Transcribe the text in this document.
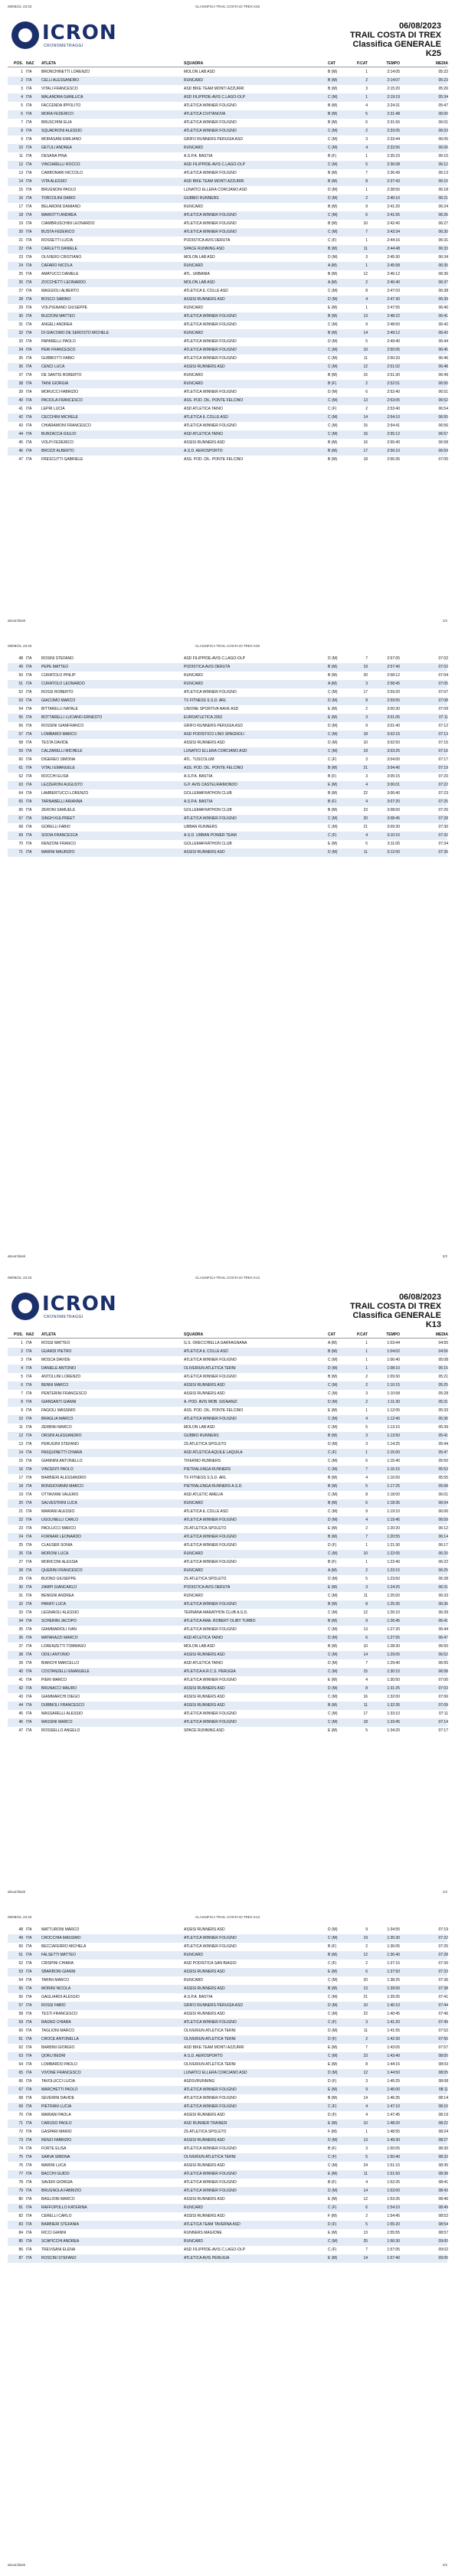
08/08/23, 23:33	CLASSIFICA TRAIL COSTA DI TREX K25
ICRON
CRONOMETRAGGI
06/08/2023
TRAIL COSTA DI TREX
Classifica GENERALE
K25
POS. NAZ	ATLETA	SQUADRA	CAT	P.CAT	TEMPO	MEDIA
1 ITA	BRONCHINETTI LORENZO	MOLON LAB ASD	B (M)	1	2:14:05	05:22
2 ITA	CELLI ALESSANDRO	RUNCARD	B (M)	2	2:14:07	05:23
3 ITA	VITALI FRANCESCO	ASD BIKE TEAM MONTI AZZURRI	B (M)	3	2:15:20	05:26
4 ITA	MALANDRA GIANLUCA	ASD FILIPPIDE-AVIS C.LAGO-OLP	C (M)	1	2:19:19	05:34
5 ITA	FACCENDA IPPOLITO	ATLETICA WINNER FOLIGNO	B (M)	4	2:24:31	05:47
6 ITA	MORA FEDERICO	ATLETICA CIVITANOVA	B (M)	5	2:31:48	06:00
7 ITA	BRUSCHINI ELIA	ATLETICA WINNER FOLIGNO	B (M)	6	2:31:56	06:01
8 ITA	SQUADRONI ALESSIO	ATLETICA WINNER FOLIGNO	C (M)	2	2:33:05	06:03
9 ITA	MORASANI EMILIANO	GRIFO RUNNERS PERUGIA ASD	C (M)	3	2:33:44	06:05
10 ITA	GETULI ANDREA	RUNCARD	C (M)	4	2:33:56	06:06
11 ITA	DESANA PINA	A.S.P.A. BASTIA	B (F)	1	2:35:23	06:10
12 ITA	VINCIARELLI ROCCO	ASD FILIPPIDE-AVIS C.LAGO-OLP	C (M)	5	2:36:08	06:12
13 ITA	CARBONARI NICCOLO	ATLETICA WINNER FOLIGNO	B (M)	7	2:36:49	06:13
14 ITA	VITA ALESSIO	ASD BIKE TEAM MONTI AZZURRI	B (M)	8	2:37:43	06:15
15 ITA	BRUGNONI PAOLO	LUNATICI ELLERA CORCIANO ASD	D (M)	1	2:38:56	06:18
16 ITA	TORCOLINI DARIO	GUBBIO RUNNERS	D (M)	2	2:40:10	06:21
17 ITA	BELARDINI DAMIANO	RUNCARD	B (M)	9	2:41:20	06:24
18 ITA	MARIOTTI ANDREA	ATLETICA WINNER FOLIGNO	C (M)	6	2:41:55	06:26
19 ITA	CIAMBRUSCHINI LEONARDO	ATLETICA WINNER FOLIGNO	B (M)	10	2:42:40	06:27
20 ITA	BUSTA FEDERICO	ATLETICA WINNER FOLIGNO	C (M)	7	2:43:34	06:30
21 ITA	ROSSETTI LUCIA	PODISTICA AVIS DERUTA	C (F)	1	2:44:16	06:31
22 ITA	CARLETTI DANIELE	SPACE RUNNING ASD	B (M)	11	2:44:48	06:33
23 ITA	OLIVIERO CRISTIANO	MOLON LAB ASD	D (M)	3	2:45:30	06:34
24 ITA	CAFARO NICOLA	RUNCARD	A (M)	1	2:45:58	06:35
25 ITA	AMATUCCI DANIELE	ATL. URBANIA	B (M)	12	2:46:12	06:36
26 ITA	ZOCCHETTI LEONARDO	MOLON LAB ASD	A (M)	2	2:46:40	06:37
27 ITA	MAGGIOLI ALBERTO	ATLETICA IL COLLE ASD	C (M)	8	2:47:03	06:38
28 ITA	BOSCO SABINO	ASSISI RUNNERS ASD	D (M)	4	2:47:30	06:39
29 ITA	VOLPIGNANO GIUSEPPE	RUNCARD	E (M)	1	2:47:55	06:40
30 ITA	BUZZONI MATTEO	ATLETICA WINNER FOLIGNO	B (M)	13	2:48:22	06:41
31 ITA	ANGELI ANDREA	ATLETICA WINNER FOLIGNO	C (M)	9	2:48:50	06:42
32 ITA	DI GIACOMO DE SEROSTO MICHELE	RUNCARD	B (M)	14	2:49:12	06:43
33 ITA	PAPARELLI PAOLO	ATLETICA WINNER FOLIGNO	D (M)	5	2:49:40	06:44
34 ITA	PERI FRANCESCO	ATLETICA WINNER FOLIGNO	C (M)	10	2:50:05	06:45
35 ITA	GUBBIOTTI FABIO	ATLETICA WINNER FOLIGNO	C (M)	11	2:50:33	06:46
36 ITA	CENCI LUCA	ASSISI RUNNERS ASD	C (M)	12	2:51:02	06:48
37 ITA	DE SANTIS ROBERTO	RUNCARD	B (M)	15	2:51:30	06:49
38 ITA	TAINI GIORGIA	RUNCARD	B (F)	2	2:52:01	06:50
39 ITA	MORUCCI FABRIZIO	ATLETICA WINNER FOLIGNO	D (M)	6	2:52:40	06:51
40 ITA	PACIOLA FRANCESCO	ASS. POD. DIL. PONTE FELCINO	C (M)	13	2:53:05	06:52
41 ITA	LEPRI LUCIA	ASD ATLETICA TAINO	C (F)	2	2:53:40	06:54
42 ITA	CECCHINI MICHELE	ATLETICA IL COLLE ASD	C (M)	14	2:54:10	06:55
43 ITA	CHIARAMONI FRANCESCO	ATLETICA WINNER FOLIGNO	C (M)	15	2:54:41	06:56
44 ITA	BURZACCA GIULIO	ASD ATLETICA TAINO	C (M)	16	2:55:12	06:57
45 ITA	VOLPI FEDERICO	ASSISI RUNNERS ASD	B (M)	16	2:55:40	06:58
46 ITA	BROZZI ALBERTO	A.S.D. AEROSPORTO	B (M)	17	2:56:10	06:59
47 ITA	FRESCUTTI GABRIELE	ASS. POD. DIL. PONTE FELCINO	B (M)	18	2:56:35	07:00
about:blank	1/2
08/08/23, 23:33	CLASSIFICA TRAIL COSTA DI TREX K25
48 ITA	ROSINI STEFANO	ASD FILIPPIDE-AVIS C.LAGO-OLP	D (M)	7	2:57:05	07:02
49 ITA	PEPE MATTEO	PODISTICA AVIS DERUTA	B (M)	19	2:57:40	07:03
50 ITA	CURATOLO PHILIP	RUNCARD	B (M)	20	2:58:12	07:04
51 ITA	CURATOLO LEONARDO	RUNCARD	A (M)	3	2:58:45	07:05
52 ITA	ROSSI ROBERTO	ATLETICA WINNER FOLIGNO	C (M)	17	2:59:20	07:07
53 ITA	GIACOMO MARCO	TX FITNESS S.S.D. ARL	D (M)	8	2:59:55	07:08
54 ITA	BITTARELLI NATALE	UNIONE SPORTIVA NAVE ASD	E (M)	2	3:00:30	07:09
55 ITA	BOTTARELLI LUCIANO ERNESTO	EUROATLETICA 2002	E (M)	3	3:01:05	07:11
56 ITA	ROSSINI GIANFRANCO	GRIFO RUNNERS PERUGIA ASD	D (M)	9	3:01:40	07:12
57 ITA	LOMBARDI MARCO	ASD PODISTICO LINO SPAGNOLI	C (M)	18	3:02:15	07:13
58 ITA	TESTA DAVIDE	ASSISI RUNNERS ASD	D (M)	10	3:02:50	07:15
59 ITA	CALZARELLI MICHELE	LUNATICI ELLERA CORCIANO ASD	C (M)	19	3:03:25	07:16
60 ITA	DIGEREO SIMONA	ATL. TUSCOLUM	C (F)	3	3:04:00	07:17
61 ITA	VITALI EMANUELE	ASS. POD. DIL. PONTE FELCINO	B (M)	21	3:04:40	07:19
62 ITA	ROCCHI ELISA	A.S.P.A. BASTIA	B (F)	3	3:05:15	07:20
63 ITA	LEZZERONI AUGUSTO	G.P. AVIS CASTELRAIMONDO	E (M)	4	3:06:01	07:22
64 ITA	LAMBERTUCCI LORENZO	GOLLEMAFRATHON CLUB	B (M)	22	3:06:40	07:23
65 ITA	TARNABELLI ARIANNA	A.S.P.A. BASTIA	B (F)	4	3:07:20	07:25
66 ITA	ZERONI SAMUELE	GOLLEMAFRATHON CLUB	B (M)	23	3:08:00	07:26
67 ITA	SINGH KULPREET	ATLETICA WINNER FOLIGNO	C (M)	20	3:08:45	07:28
68 ITA	GORELLI FABIO	URBAN RUNNERS	C (M)	21	3:09:30	07:30
69 ITA	SODIA FRANCESCA	A.S.D. URBAN POWER TEAM	C (F)	4	3:10:15	07:32
70 ITA	RENZONI FRANCO	GOLLEMAFRATHON CLUB	E (M)	5	3:11:05	07:34
71 ITA	MARINI MAURIZIO	ASSISI RUNNERS ASD	D (M)	11	3:12:00	07:36
about:blank	2/2
08/08/23, 23:33	CLASSIFICA TRAIL COSTA DI TREX K13
ICRON
CRONOMETRAGGI
06/08/2023
TRAIL COSTA DI TREX
Classifica GENERALE
K13
POS. NAZ	ATLETA	SQUADRA	CAT	P.CAT	TEMPO	MEDIA
1 ITA	ROSSI MATTEO	G.S. ORECCHIELLA GARFAGNANA	A (M)	1	1:03:44	04:55
2 ITA	GUARDI PIETRO	ATLETICA IL COLLE ASD	B (M)	1	1:04:02	04:56
3 ITA	MOSCA DAVIDE	ATLETICA WINNER FOLIGNO	C (M)	1	1:06:40	05:08
4 ITA	DANIELE ANTONIO	OLIVERIUN ATLETICA TERNI	D (M)	1	1:08:10	05:15
5 ITA	ANTOLLINI LORENZO	ATLETICA WINNER FOLIGNO	B (M)	2	1:09:30	05:21
6 ITA	BENNI MARCO	ASSISI RUNNERS ASD	C (M)	2	1:10:15	05:25
7 ITA	PENTERINI FRANCESCO	ASSISI RUNNERS ASD	C (M)	3	1:10:58	05:28
8 ITA	GIANSANTI GIANNI	A. POD. AVIS MOB. SIGNANZI	D (M)	2	1:11:30	05:31
9 ITA	FAGIOLI MASSIMO	ASS. POD. DIL. PONTE FELCINO	E (M)	1	1:12:05	05:33
10 ITA	BRAGLIA MARCO	ATLETICA WINNER FOLIGNO	C (M)	4	1:12:40	05:36
11 ITA	ZERBINI MARCO	MOLON LAB ASD	C (M)	5	1:13:15	05:39
12 ITA	ORSINI ALESSANDRO	GUBBIO RUNNERS	B (M)	3	1:13:50	05:41
13 ITA	PERUGINI STEFANO	2S ATLETICA SPOLETO	D (M)	3	1:14:25	05:44
14 ITA	PASQUINETTI CHIARA	ASD ATLETICA AQUILE LAQUILA	C (F)	1	1:15:00	05:47
15 ITA	GIANNINI ANTONELLO	TIFERNO RUNNERS	C (M)	6	1:15:40	05:50
16 ITA	VINCENTI PAOLO	PIETRALUNGA RUNNERS	C (M)	7	1:16:15	05:53
17 ITA	BARBIERI ALESSANDRO	TX FITNESS S.S.D. ARL	B (M)	4	1:16:50	05:55
18 ITA	BONGIOVANNI MARCO	PIETRALUNGA RUNNERS A.S.D.	B (M)	5	1:17:25	05:58
19 ITA	OTTAVIANI VALERIO	ASD ATLETIC AMELIA	C (M)	8	1:18:00	06:01
20 ITA	SALVESTRINI LUCA	RUNCARD	B (M)	6	1:18:35	06:04
21 ITA	MARIANI ALESSIO	ATLETICA IL COLLE ASD	C (M)	9	1:19:10	06:06
22 ITA	UGOLINELLI CARLO	ATLETICA WINNER FOLIGNO	D (M)	4	1:19:45	06:09
23 ITA	PAOLUCCI MARCO	2S ATLETICA SPOLETO	E (M)	2	1:20:20	06:12
24 ITA	FORNARI LEONARDO	ATLETICA WINNER FOLIGNO	B (M)	7	1:20:55	06:14
25 ITA	CLAUSER SONIA	ATLETICA WINNER FOLIGNO	D (F)	1	1:21:30	06:17
26 ITA	MORONI LUCA	RUNCARD	C (M)	10	1:22:05	06:20
27 ITA	MORICONI ALESSIA	ATLETICA WINNER FOLIGNO	B (F)	1	1:22:40	06:22
28 ITA	QUERINI FRANCESCO	RUNCARD	A (M)	2	1:23:15	06:25
29 ITA	BUONO GIUSEPPE	2S ATLETICA SPOLETO	D (M)	5	1:23:50	06:28
30 ITA	ZAMPI GIANCARLO	PODISTICA AVIS DERUTA	E (M)	3	1:24:25	06:31
31 ITA	BENIGNI ANDREA	RUNCARD	C (M)	11	1:25:00	06:33
32 ITA	PARATI LUCA	ATLETICA WINNER FOLIGNO	B (M)	8	1:25:35	06:36
33 ITA	LEGNAIOLI ALESSIO	TERNANA MARATHON CLUB A.S.D.	C (M)	12	1:26:10	06:39
34 ITA	SCHERINI JACOPO	ATLETICA AMA. ROBERT OLIBY TURBO	B (M)	9	1:26:45	06:41
35 ITA	GIAMMARIOLI IVAN	ATLETICA WINNER FOLIGNO	C (M)	13	1:27:20	06:44
36 ITA	MATARAZZI MARCO	ASD ATLETICA TAINO	D (M)	6	1:27:55	06:47
37 ITA	LORENZETTI TOMMASO	MOLON LAB ASD	B (M)	10	1:28:30	06:50
38 ITA	ODILI ANTONIO	ASSISI RUNNERS ASD	C (M)	14	1:29:05	06:52
39 ITA	BIANCHI MARCELLO	ASD ATLETICA TAINO	D (M)	7	1:29:40	06:55
40 ITA	COSTANZELLI EMANUELE	ATLETICA A.R.C.S. PERUGIA	C (M)	15	1:30:15	06:58
41 ITA	PIERI MARCO	ATLETICA WINNER FOLIGNO	E (M)	4	1:30:50	07:00
42 ITA	BRUNACCI MAURO	ASSISI RUNNERS ASD	D (M)	8	1:31:25	07:03
43 ITA	GIAMMARCHI DIEGO	ASSISI RUNNERS ASD	C (M)	16	1:32:00	07:06
44 ITA	DUBBIOLI FRANCESCO	ASSISI RUNNERS ASD	B (M)	11	1:32:35	07:09
45 ITA	MASSARELLI ALESSIO	ATLETICA WINNER FOLIGNO	C (M)	17	1:33:10	07:11
46 ITA	MASSINI MARCO	ATLETICA WINNER FOLIGNO	C (M)	18	1:33:45	07:14
47 ITA	ROSSIELLO ANGELO	SPACE RUNNING ASD	E (M)	5	1:34:20	07:17
about:blank	1/2
08/08/23, 23:33	CLASSIFICA TRAIL COSTA DI TREX K13
48 ITA	MATTURONI MARCO	ASSISI RUNNERS ASD	D (M)	9	1:34:55	07:19
49 ITA	CROCCHIA MASSIMO	ATLETICA WINNER FOLIGNO	C (M)	19	1:35:30	07:22
50 ITA	BECCAFERRO MICHELA	ATLETICA WINNER FOLIGNO	B (F)	2	1:36:05	07:25
51 ITA	FALSETTI MATTEO	RUNCARD	B (M)	12	1:36:40	07:28
52 ITA	CRISPINI CHIARA	ASD PODISTICA SAN BIAGIO	C (F)	2	1:37:15	07:30
53 ITA	SBARBONI GIANNI	ASSISI RUNNERS ASD	E (M)	6	1:37:50	07:33
54 ITA	TARINI MARCO	RUNCARD	C (M)	20	1:38:25	07:36
55 ITA	MORINI NICOLA	ASSISI RUNNERS ASD	B (M)	13	1:39:00	07:38
56 ITA	GAGLIARDI ALESSIO	A.S.P.A. BASTIA	C (M)	21	1:39:35	07:41
57 ITA	ROSSI FABIO	GRIFO RUNNERS PERUGIA ASD	D (M)	10	1:40:10	07:44
58 ITA	TESTI FRANCESCO	ASSISI RUNNERS ASD	C (M)	22	1:40:45	07:46
59 ITA	RAGNO CHIARA	ATLETICA WINNER FOLIGNO	C (F)	3	1:41:20	07:49
60 ITA	TAGLIONI MARCO	OLIVERIUN ATLETICA TERNI	D (M)	11	1:41:55	07:52
61 ITA	CROCE ANTONELLA	OLIVERIUN ATLETICA TERNI	D (F)	2	1:42:30	07:55
62 ITA	BARBINI GIORGIO	ASD BIKE TEAM MONTI AZZURRI	E (M)	7	1:43:05	07:57
63 ITA	QOKU BEDRI	A.S.D. AEROSPORTO	C (M)	23	1:43:40	08:00
64 ITA	LOMBARDO PAOLO	OLIVERIUN ATLETICA TERNI	E (M)	8	1:44:15	08:03
65 ITA	VIVONE FRANCESCO	LUNATICI ELLERA CORCIANO ASD	D (M)	12	1:44:50	08:05
66 ITA	TAVOLUCCI LUCIA	ASDSVRUNNING	D (F)	3	1:45:25	08:08
67 ITA	MARCHETTI PAOLO	ATLETICA WINNER FOLIGNO	E (M)	9	1:46:00	08:11
68 ITA	SEVERINI DAVIDE	ATLETICA WINNER FOLIGNO	B (M)	14	1:46:35	08:14
69 ITA	PIETRANI LUCIA	ATLETICA WINNER FOLIGNO	C (F)	4	1:47:10	08:16
70 ITA	MARIANI PAOLA	ASSISI RUNNERS ASD	D (F)	4	1:47:45	08:19
71 ITA	CARUSO PAOLO	ASD RUNNER TRAINER	E (M)	10	1:48:20	08:22
72 ITA	GASPARI MARIO	2S ATLETICA SPOLETO	F (M)	1	1:48:55	08:24
73 ITA	RENZI FABRIZIO	ASSISI RUNNERS ASD	D (M)	13	1:49:30	08:27
74 ITA	FORTE ELISA	ATLETICA WINNER FOLIGNO	B (F)	3	1:50:05	08:30
75 ITA	SARVA SIMONA	OLIVERIUN ATLETICA TERNI	C (F)	5	1:50:40	08:33
76 ITA	MARINI LUCA	ASSISI RUNNERS ASD	C (M)	24	1:51:15	08:35
77 ITA	BACCHI GUIDO	ATLETICA WINNER FOLIGNO	E (M)	11	1:51:50	08:38
78 ITA	SAVERI GIORGIA	ATLETICA WINNER FOLIGNO	B (F)	4	1:52:25	08:41
79 ITA	BRUGNOLA FABRIZIO	ATLETICA WINNER FOLIGNO	D (M)	14	1:53:00	08:43
80 ITA	BAGLIONI MARCO	ASSISI RUNNERS ASD	E (M)	12	1:53:35	08:46
81 ITA	RAFFOPOLLO KATERINA	RUNCARD	C (F)	6	1:54:10	08:49
82 ITA	CERELLI CARLO	ASSISI RUNNERS ASD	F (M)	2	1:54:45	08:52
83 ITA	BARBIERI STEFANIA	ATLETICA TEAM TAVERNA ASD	D (F)	5	1:55:20	08:54
84 ITA	RICCI GIANNI	RUNNERS MAGIONE	E (M)	13	1:55:55	08:57
85 ITA	SCAPICCHI ANDREA	RUNCARD	C (M)	25	1:56:30	09:00
86 ITA	TREVISANI ELENA	ASD FILIPPIDE-AVIS C.LAGO-OLP	C (F)	7	1:57:05	09:02
87 ITA	ROSCINI STEFANO	ATLETICA AVIS PERUGIA	E (M)	14	1:57:40	09:05
about:blank	2/2
